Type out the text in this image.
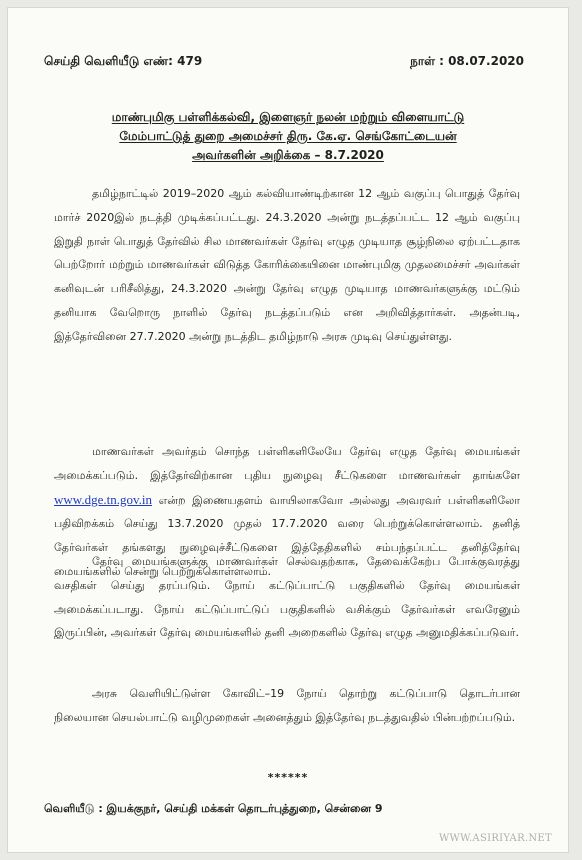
செய்தி வெளியீடு எண்: 479	நாள் : 08.07.2020
மாண்புமிகு பள்ளிக்கல்வி, இளைஞர் நலன் மற்றும் விளையாட்டு
மேம்பாட்டுத் துறை அமைச்சர் திரு. கே.ஏ. செங்கோட்டையன்
அவர்களின் அறிக்கை – 8.7.2020

தமிழ்நாட்டில் 2019–2020 ஆம் கல்வியாண்டிற்கான 12 ஆம் வகுப்பு பொதுத் தேர்வு மார்ச் 2020இல் நடத்தி முடிக்கப்பட்டது. 24.3.2020 அன்று நடத்தப்பட்ட 12 ஆம் வகுப்பு இறுதி நாள் பொதுத் தேர்வில் சில மாணவர்கள் தேர்வு எழுத முடியாத சூழ்நிலை ஏற்பட்டதாக பெற்றோர் மற்றும் மாணவர்கள் விடுத்த கோரிக்கையினை மாண்புமிகு முதலமைச்சர் அவர்கள் கனிவுடன் பரிசீலித்து, 24.3.2020 அன்று தேர்வு எழுத முடியாத மாணவர்களுக்கு மட்டும் தனியாக வேறொரு நாளில் தேர்வு நடத்தப்படும் என அறிவித்தார்கள். அதன்படி, இத்தேர்வினை 27.7.2020 அன்று நடத்திட தமிழ்நாடு அரசு முடிவு செய்துள்ளது.

மாணவர்கள் அவர்தம் சொந்த பள்ளிகளிலேயே தேர்வு எழுத தேர்வு மையங்கள் அமைக்கப்படும். இத்தேர்விற்கான புதிய நுழைவு சீட்டுகளை மாணவர்கள் தாங்களே www.dge.tn.gov.in என்ற இணையதளம் வாயிலாகவோ அல்லது அவரவர் பள்ளிகளிலோ பதிவிறக்கம் செய்து 13.7.2020 முதல் 17.7.2020 வரை பெற்றுக்கொள்ளலாம். தனித் தேர்வர்கள் தங்களது நுழைவுச்சீட்டுகளை இத்தேதிகளில் சம்பந்தப்பட்ட தனித்தேர்வு மையங்களில் சென்று பெற்றுக்கொள்ளலாம்.

தேர்வு மையங்களுக்கு மாணவர்கள் செல்வதற்காக, தேவைக்கேற்ப போக்குவரத்து வசதிகள் செய்து தரப்படும். நோய் கட்டுப்பாட்டு பகுதிகளில் தேர்வு மையங்கள் அமைக்கப்படாது. நோய் கட்டுப்பாட்டுப் பகுதிகளில் வசிக்கும் தேர்வர்கள் எவரேனும் இருப்பின், அவர்கள் தேர்வு மையங்களில் தனி அறைகளில் தேர்வு எழுத அனுமதிக்கப்படுவர்.

அரசு வெளியிட்டுள்ள கோவிட்–19 நோய் தொற்று கட்டுப்பாடு தொடர்பான நிலையான செயல்பாட்டு வழிமுறைகள் அனைத்தும் இத்தேர்வு நடத்துவதில் பின்பற்றப்படும்.

******
வெளியீடு : இயக்குநர், செய்தி மக்கள் தொடர்புத்துறை, சென்னை 9
WWW.ASIRIYAR.NET
